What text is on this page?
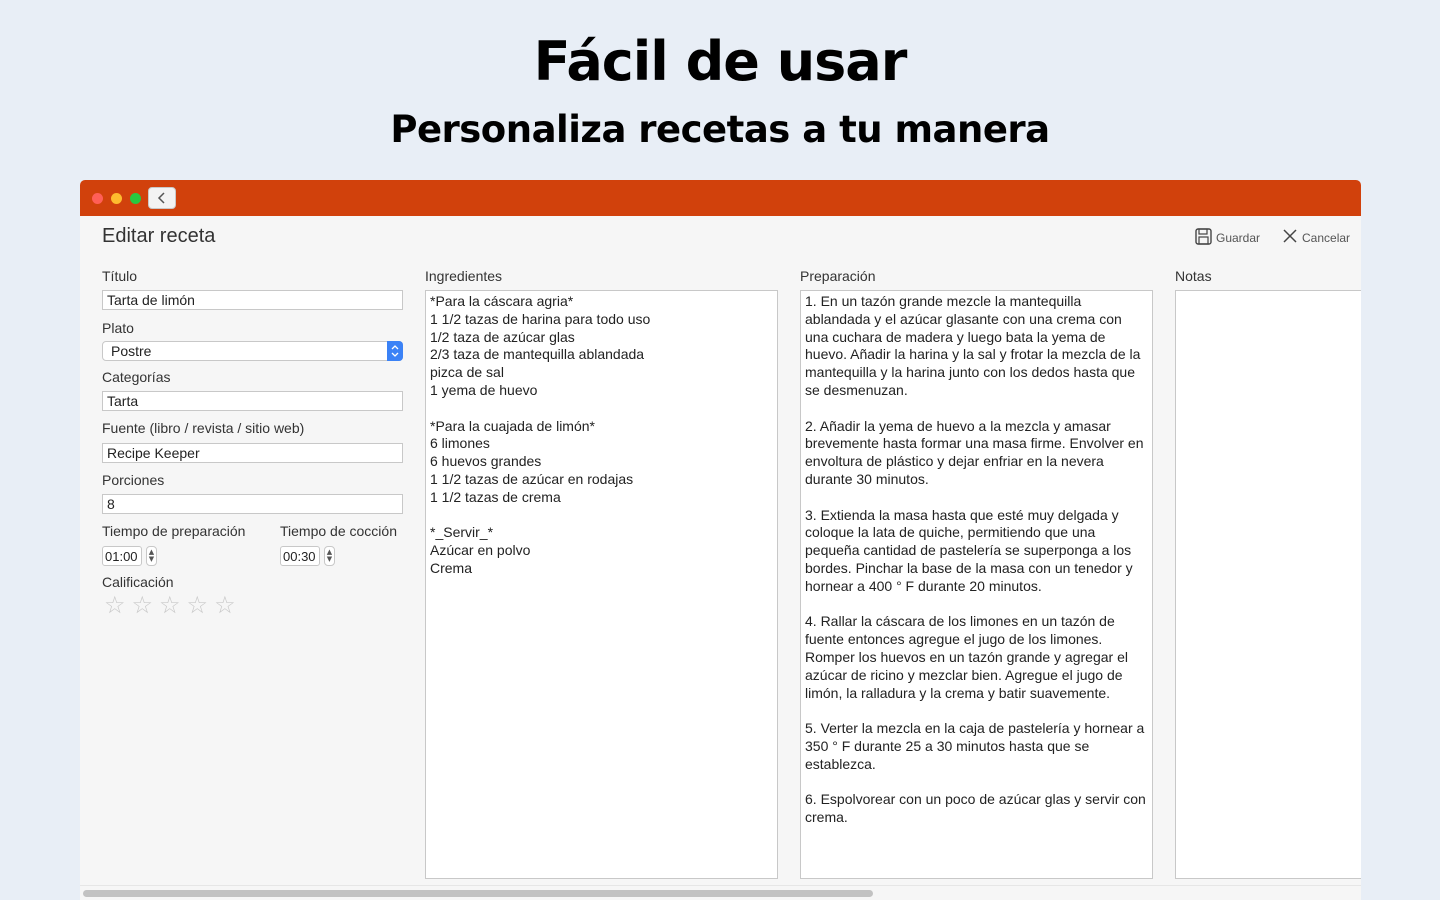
Fácil de usar
Personaliza recetas a tu manera
Editar receta	Guardar	Cancelar
Título
Tarta de limón
Plato
Postre
Categorías
Tarta
Fuente (libro / revista / sitio web)
Recipe Keeper
Porciones
8
Tiempo de preparación
01:00	▲
▼
Tiempo de cocción
00:30	▲
▼
Calificación
☆ ☆ ☆ ☆ ☆
Ingredientes
*Para la cáscara agria*
1 1/2 tazas de harina para todo uso
1/2 taza de azúcar glas
2/3 taza de mantequilla ablandada
pizca de sal
1 yema de huevo

*Para la cuajada de limón*
6 limones
6 huevos grandes
1 1/2 tazas de azúcar en rodajas
1 1/2 tazas de crema

*_Servir_*
Azúcar en polvo
Crema
Preparación
1. En un tazón grande mezcle la mantequilla ablandada y el azúcar glasante con una crema con una cuchara de madera y luego bata la yema de huevo. Añadir la harina y la sal y frotar la mezcla de la mantequilla y la harina junto con los dedos hasta que se desmenuzan.

2. Añadir la yema de huevo a la mezcla y amasar brevemente hasta formar una masa firme. Envolver en envoltura de plástico y dejar enfriar en la nevera durante 30 minutos.

3. Extienda la masa hasta que esté muy delgada y coloque la lata de quiche, permitiendo que una pequeña cantidad de pastelería se superponga a los bordes. Pinchar la base de la masa con un tenedor y hornear a 400 ° F durante 20 minutos.

4. Rallar la cáscara de los limones en un tazón de fuente entonces agregue el jugo de los limones. Romper los huevos en un tazón grande y agregar el azúcar de ricino y mezclar bien. Agregue el jugo de limón, la ralladura y la crema y batir suavemente.

5. Verter la mezcla en la caja de pastelería y hornear a 350 ° F durante 25 a 30 minutos hasta que se establezca.

6. Espolvorear con un poco de azúcar glas y servir con crema.
Notas
